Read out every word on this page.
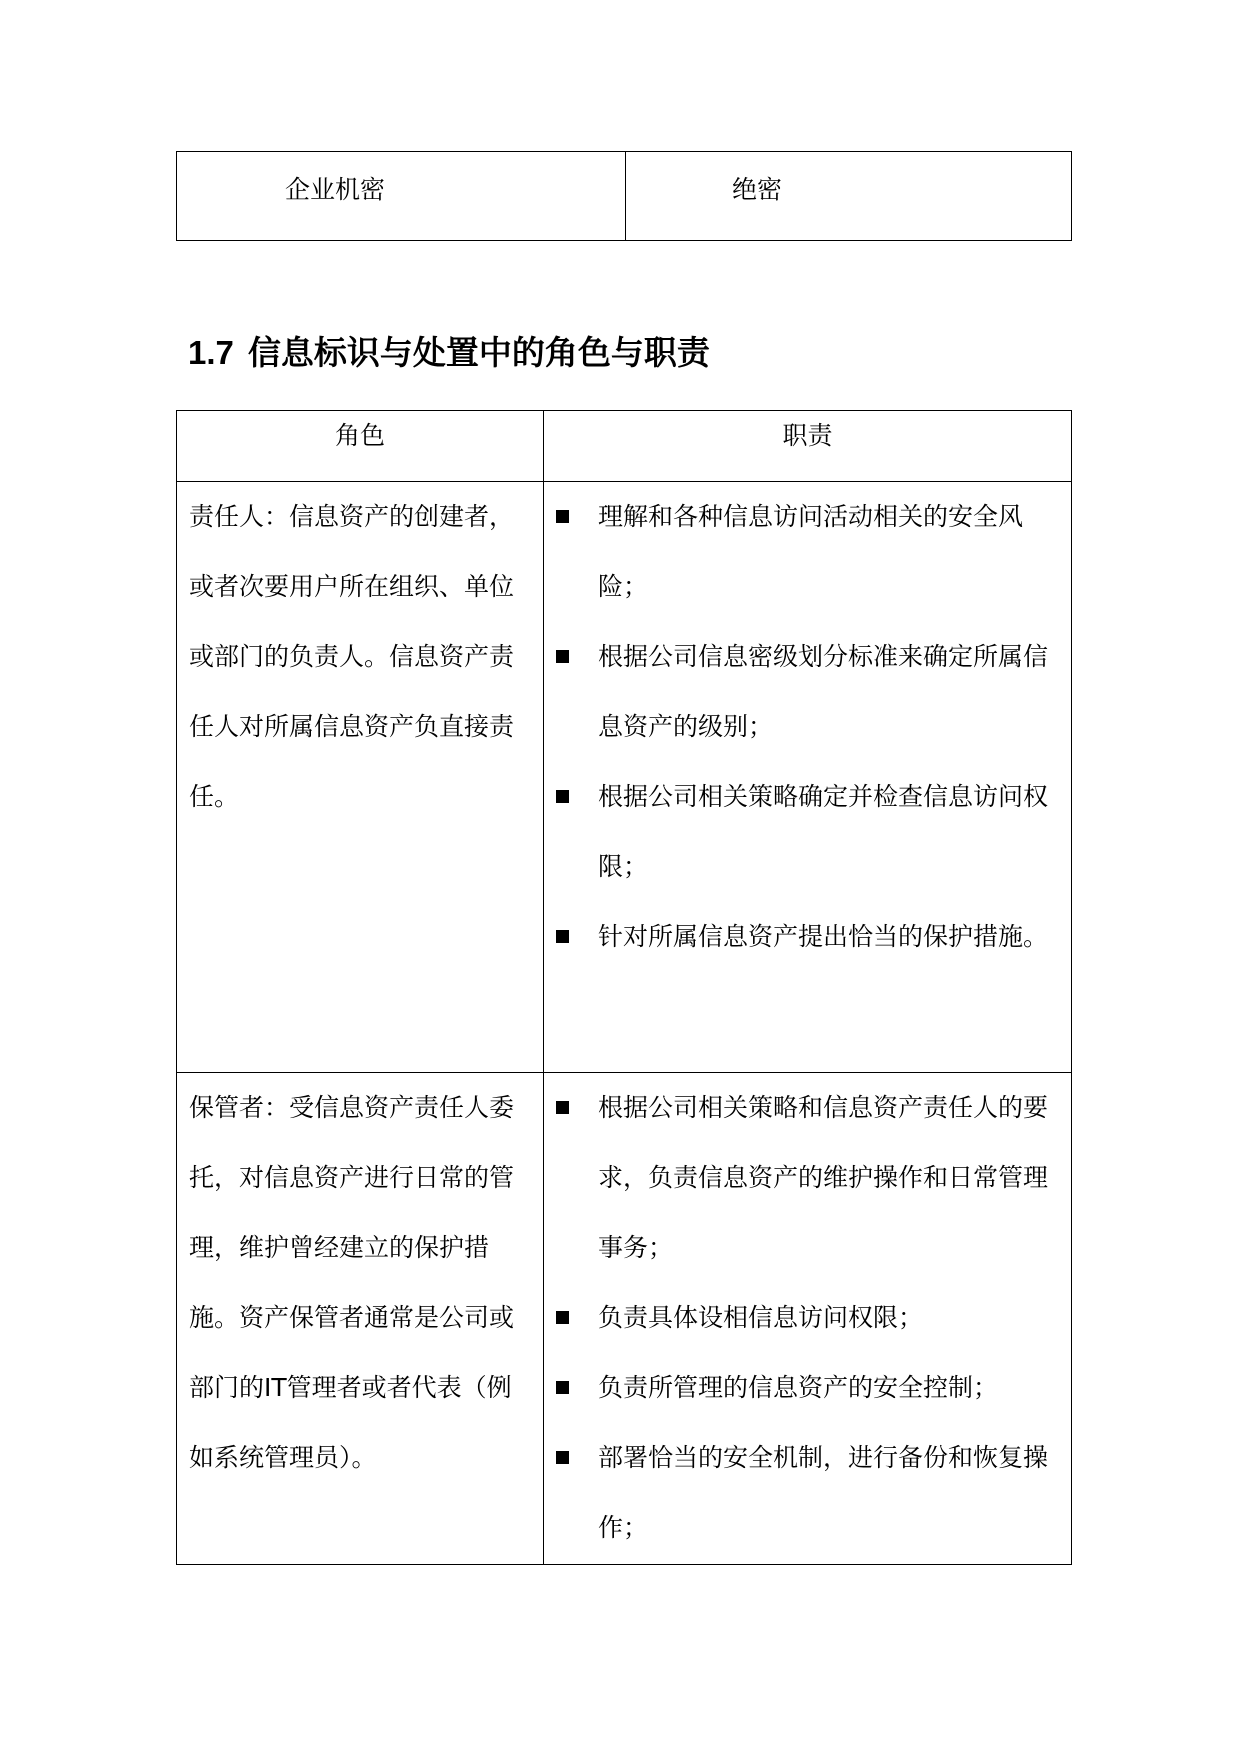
企业机密	绝密
1.7 信息标识与处置中的角色与职责
角色	职责
责任人：信息资产的创建者，或者次要用户所在组织、单位或部门的负责人。信息资产责任人对所属信息资产负直接责任。
理解和各种信息访问活动相关的安全风险；
根据公司信息密级划分标准来确定所属信息资产的级别；
根据公司相关策略确定并检查信息访问权限；
针对所属信息资产提出恰当的保护措施。
保管者：受信息资产责任人委托，对信息资产进行日常的管理，维护曾经建立的保护措施。资产保管者通常是公司或部门的IT管理者或者代表（例如系统管理员）。
根据公司相关策略和信息资产责任人的要求，负责信息资产的维护操作和日常管理事务；
负责具体设相信息访问权限；
负责所管理的信息资产的安全控制；
部署恰当的安全机制，进行备份和恢复操作；
